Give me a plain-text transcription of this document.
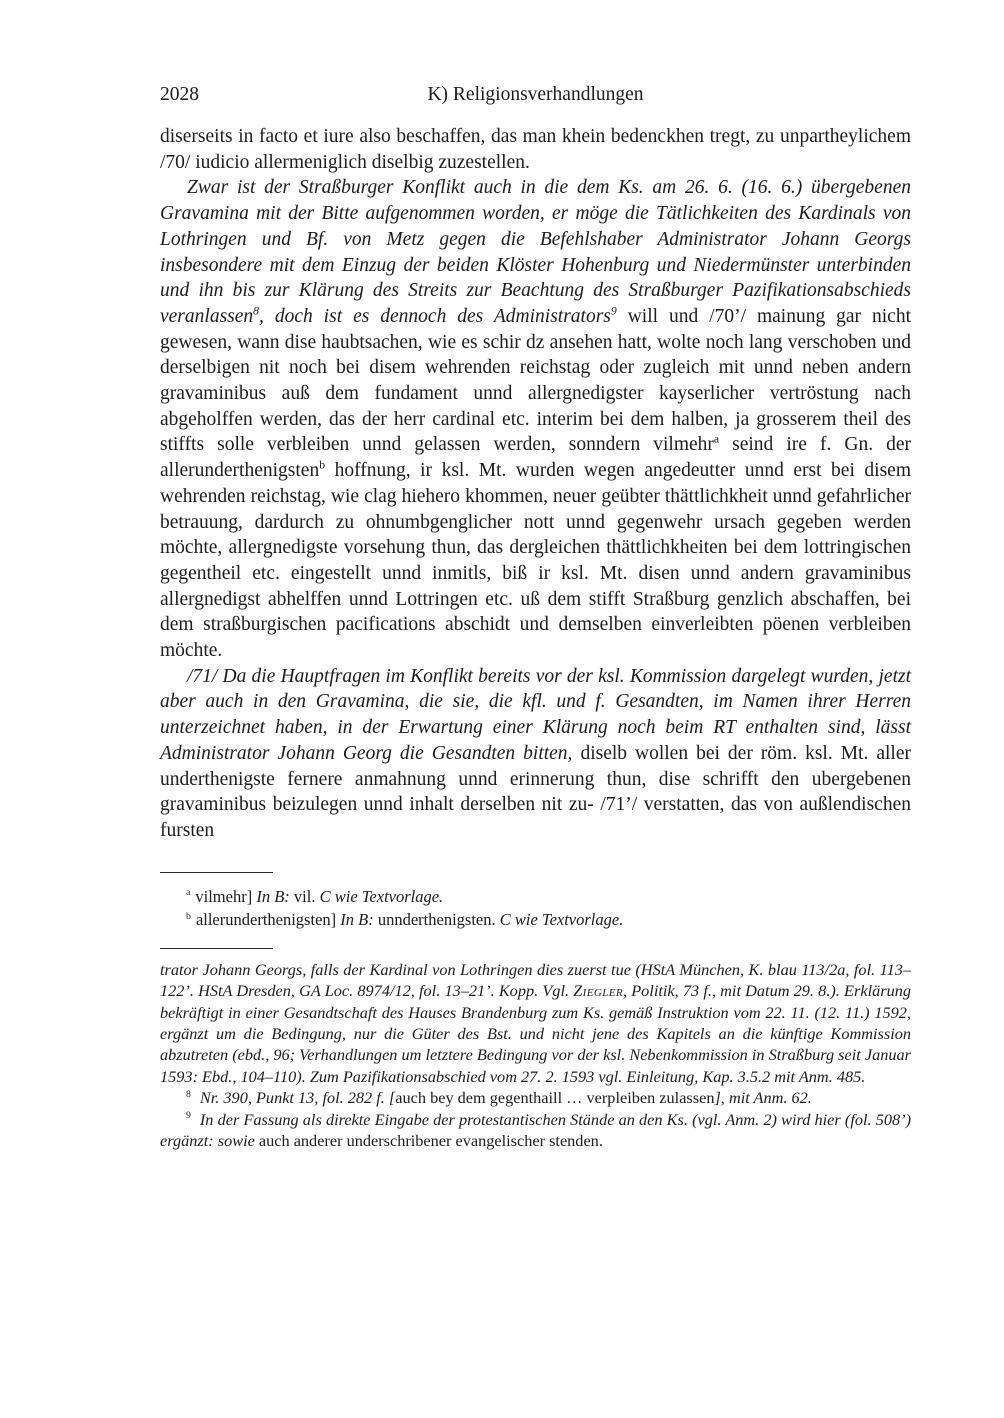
2028	K) Religionsverhandlungen

diserseits in facto et iure also beschaffen, das man khein bedenckhen tregt, zu unpartheylichem /70/ iudicio allermeniglich diselbig zuzestellen.

Zwar ist der Straßburger Konflikt auch in die dem Ks. am 26. 6. (16. 6.) übergebenen Gravamina mit der Bitte aufgenommen worden, er möge die Tätlichkeiten des Kardinals von Lothringen und Bf. von Metz gegen die Befehlshaber Administrator Johann Georgs insbesondere mit dem Einzug der beiden Klöster Hohenburg und Niedermünster unterbinden und ihn bis zur Klärung des Streits zur Beachtung des Straßburger Pazifikationsabschieds veranlassen$^8$, doch ist es dennoch des Administrators$^9$ will und /70’/ mainung gar nicht gewesen, wann dise haubtsachen, wie es schir dz ansehen hatt, wolte noch lang verschoben und derselbigen nit noch bei disem wehrenden reichstag oder zugleich mit unnd neben andern gravaminibus auß dem fundament unnd allergnedigster kayserlicher vertröstung nach abgeholffen werden, das der herr cardinal etc. interim bei dem halben, ja grosserem theil des stiffts solle verbleiben unnd gelassen werden, sonndern vilmehr$^a$ seind ire f. Gn. der allerunderthenigsten$^b$ hoffnung, ir ksl. Mt. wurden wegen angedeutter unnd erst bei disem wehrenden reichstag, wie clag hiehero khommen, neuer geübter thättlichkheit unnd gefahrlicher betrauung, dardurch zu ohnumbgenglicher nott unnd gegenwehr ursach gegeben werden möchte, allergnedigste vorsehung thun, das dergleichen thättlichkheiten bei dem lottringischen gegentheil etc. eingestellt unnd inmitls, biß ir ksl. Mt. disen unnd andern gravaminibus allergnedigst abhelffen unnd Lottringen etc. uß dem stifft Straßburg genzlich abschaffen, bei dem straßburgischen pacifications abschidt und demselben einverleibten pöenen verbleiben möchte.

/71/ Da die Hauptfragen im Konflikt bereits vor der ksl. Kommission dargelegt wurden, jetzt aber auch in den Gravamina, die sie, die kfl. und f. Gesandten, im Namen ihrer Herren unterzeichnet haben, in der Erwartung einer Klärung noch beim RT enthalten sind, lässt Administrator Johann Georg die Gesandten bitten, diselb wollen bei der röm. ksl. Mt. aller underthenigste fernere anmahnung unnd erinnerung thun, dise schrifft den ubergebenen gravaminibus beizulegen unnd inhalt derselben nit zu- /71’/ verstatten, das von außlendischen fursten

$^a$ vilmehr] In B: vil. C wie Textvorlage.

$^b$ allerunderthenigsten] In B: unnderthenigsten. C wie Textvorlage.

trator Johann Georgs, falls der Kardinal von Lothringen dies zuerst tue (HStA München, K. blau 113/2a, fol. 113–122’. HStA Dresden, GA Loc. 8974/12, fol. 13–21’. Kopp. Vgl. Ziegler, Politik, 73 f., mit Datum 29. 8.). Erklärung bekräftigt in einer Gesandtschaft des Hauses Brandenburg zum Ks. gemäß Instruktion vom 22. 11. (12. 11.) 1592, ergänzt um die Bedingung, nur die Güter des Bst. und nicht jene des Kapitels an die künftige Kommission abzutreten (ebd., 96; Verhandlungen um letztere Bedingung vor der ksl. Nebenkommission in Straßburg seit Januar 1593: Ebd., 104–110). Zum Pazifikationsabschied vom 27. 2. 1593 vgl. Einleitung, Kap. 3.5.2 mit Anm. 485.

$^8$ Nr. 390, Punkt 13, fol. 282 f. [auch bey dem gegenthaill … verpleiben zulassen], mit Anm. 62.

$^9$ In der Fassung als direkte Eingabe der protestantischen Stände an den Ks. (vgl. Anm. 2) wird hier (fol. 508’) ergänzt: sowie auch anderer underschribener evangelischer stenden.
